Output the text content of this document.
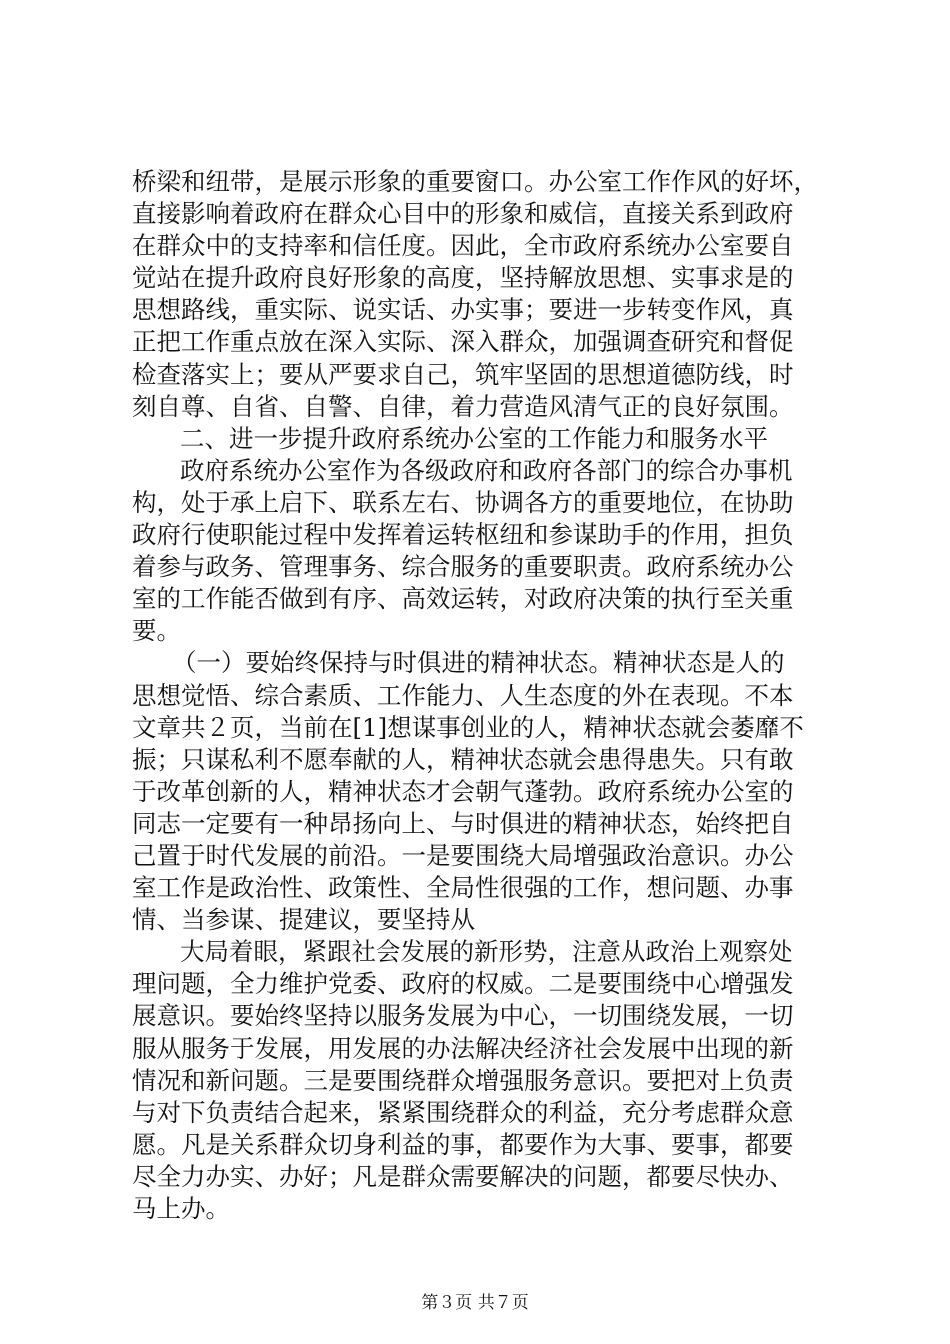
桥梁和纽带，是展示形象的重要窗口。办公室工作作风的好坏，
直接影响着政府在群众心目中的形象和威信，直接关系到政府
在群众中的支持率和信任度。因此，全市政府系统办公室要自
觉站在提升政府良好形象的高度，坚持解放思想、实事求是的
思想路线，重实际、说实话、办实事；要进一步转变作风，真
正把工作重点放在深入实际、深入群众，加强调查研究和督促
检查落实上；要从严要求自己，筑牢坚固的思想道德防线，时
刻自尊、自省、自警、自律，着力营造风清气正的良好氛围。
二、进一步提升政府系统办公室的工作能力和服务水平
政府系统办公室作为各级政府和政府各部门的综合办事机
构，处于承上启下、联系左右、协调各方的重要地位，在协助
政府行使职能过程中发挥着运转枢纽和参谋助手的作用，担负
着参与政务、管理事务、综合服务的重要职责。政府系统办公
室的工作能否做到有序、高效运转，对政府决策的执行至关重
要。
（一）要始终保持与时俱进的精神状态。精神状态是人的
思想觉悟、综合素质、工作能力、人生态度的外在表现。不本
文章共２页，当前在[1]想谋事创业的人，精神状态就会萎靡不
振；只谋私利不愿奉献的人，精神状态就会患得患失。只有敢
于改革创新的人，精神状态才会朝气蓬勃。政府系统办公室的
同志一定要有一种昂扬向上、与时俱进的精神状态，始终把自
己置于时代发展的前沿。一是要围绕大局增强政治意识。办公
室工作是政治性、政策性、全局性很强的工作，想问题、办事
情、当参谋、提建议，要坚持从
大局着眼，紧跟社会发展的新形势，注意从政治上观察处
理问题，全力维护党委、政府的权威。二是要围绕中心增强发
展意识。要始终坚持以服务发展为中心，一切围绕发展，一切
服从服务于发展，用发展的办法解决经济社会发展中出现的新
情况和新问题。三是要围绕群众增强服务意识。要把对上负责
与对下负责结合起来，紧紧围绕群众的利益，充分考虑群众意
愿。凡是关系群众切身利益的事，都要作为大事、要事，都要
尽全力办实、办好；凡是群众需要解决的问题，都要尽快办、
马上办。
第３页 共７页
